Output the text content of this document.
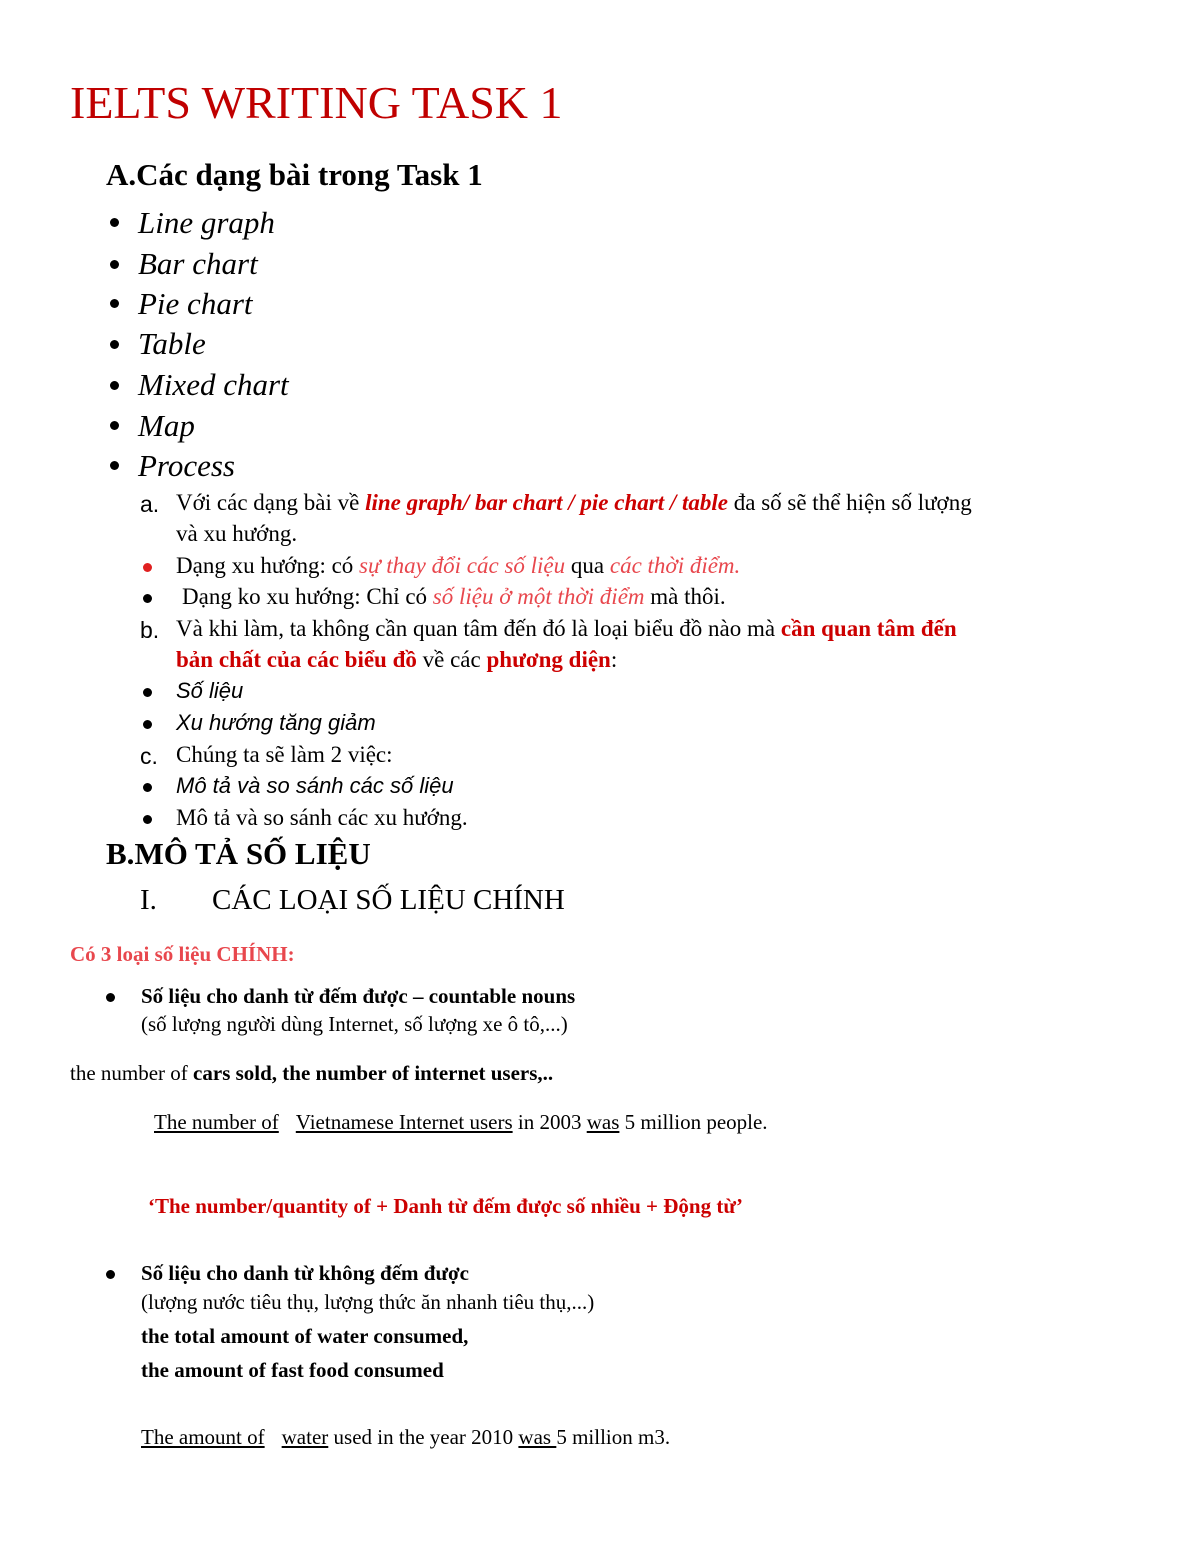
IELTS WRITING TASK 1
A.Các dạng bài trong Task 1
Line graph
Bar chart
Pie chart
Table
Mixed chart
Map
Process
a. Với các dạng bài về line graph/ bar chart / pie chart / table đa số sẽ thể hiện số lượng
và xu hướng.
Dạng xu hướng: có sự thay đổi các số liệu qua các thời điểm.
Dạng ko xu hướng: Chỉ có số liệu ở một thời điểm mà thôi.
b. Và khi làm, ta không cần quan tâm đến đó là loại biểu đồ nào mà cần quan tâm đến
bản chất của các biểu đồ về các phương diện:
Số liệu
Xu hướng tăng giảm
c. Chúng ta sẽ làm 2 việc:
Mô tả và so sánh các số liệu
Mô tả và so sánh các xu hướng.
B.MÔ TẢ SỐ LIỆU
I. CÁC LOẠI SỐ LIỆU CHÍNH
Có 3 loại số liệu CHÍNH:
Số liệu cho danh từ đếm được – countable nouns
(số lượng người dùng Internet, số lượng xe ô tô,...)
the number of cars sold, the number of internet users,..
The number of Vietnamese Internet users in 2003 was 5 million people.
‘The number/quantity of + Danh từ đếm được số nhiều + Động từ’
Số liệu cho danh từ không đếm được
(lượng nước tiêu thụ, lượng thức ăn nhanh tiêu thụ,...)
the total amount of water consumed,
the amount of fast food consumed
The amount of water used in the year 2010 was 5 million m3.
